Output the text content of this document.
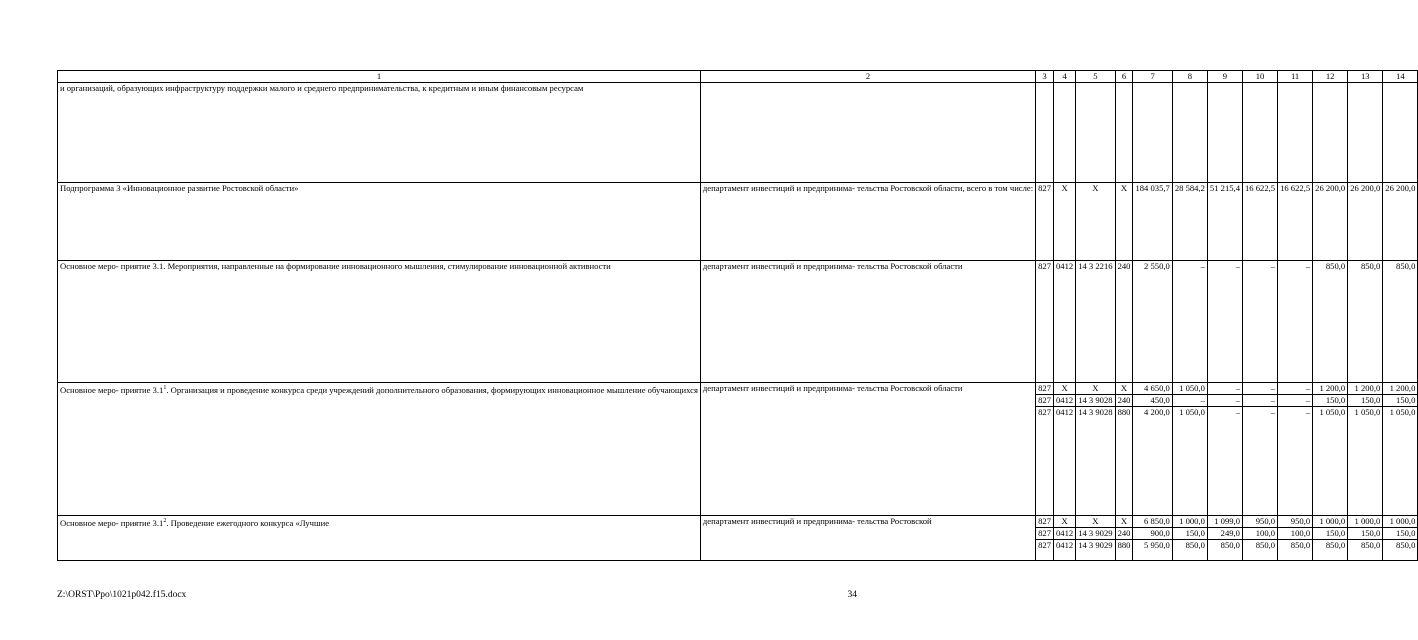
1	2	3	4	5	6	7	8	9	10	11	12	13	14
и организаций, образующих инфраструктуру поддержки малого и среднего предпринимательства, к кредитным и иным финансовым ресурсам													
Подпрограмма 3 «Инновационное развитие Ростовской области»	департамент инвестиций и предпринима- тельства Ростовской области, всего в том числе:	827	X	X	X	184 035,7	28 584,2	51 215,4	16 622,5	16 622,5	26 200,0	26 200,0	26 200,0
Основное меро- приятие 3.1. Мероприятия, направленные на формирование инновационного мышления, стимулирование инновационной активности	департамент инвестиций и предпринима- тельства Ростовской области	827	0412	14 3 2216	240	2 550,0	–	–	–	–	850,0	850,0	850,0
Основное меро- приятие $3.1^1$. Организация и проведение конкурса среди учреждений дополнительного образования, формирующих инновационное мышление обучающихся	департамент инвестиций и предпринима- тельства Ростовской области	827	X	X	X	4 650,0	1 050,0	–	–	–	1 200,0	1 200,0	1 200,0
		827	0412	14 3 9028	240	450,0	–	–	–	–	150,0	150,0	150,0
		827	0412	14 3 9028	880	4 200,0	1 050,0	–	–	–	1 050,0	1 050,0	1 050,0
Основное меро- приятие $3.1^2$. Проведение ежегодного конкурса «Лучшие	департамент инвестиций и предпринима- тельства Ростовской	827	X	X	X	6 850,0	1 000,0	1 099,0	950,0	950,0	1 000,0	1 000,0	1 000,0
		827	0412	14 3 9029	240	900,0	150,0	249,0	100,0	100,0	150,0	150,0	150,0
		827	0412	14 3 9029	880	5 950,0	850,0	850,0	850,0	850,0	850,0	850,0	850,0
Z:\ORST\Ppo\1021p042.f15.docx	34
